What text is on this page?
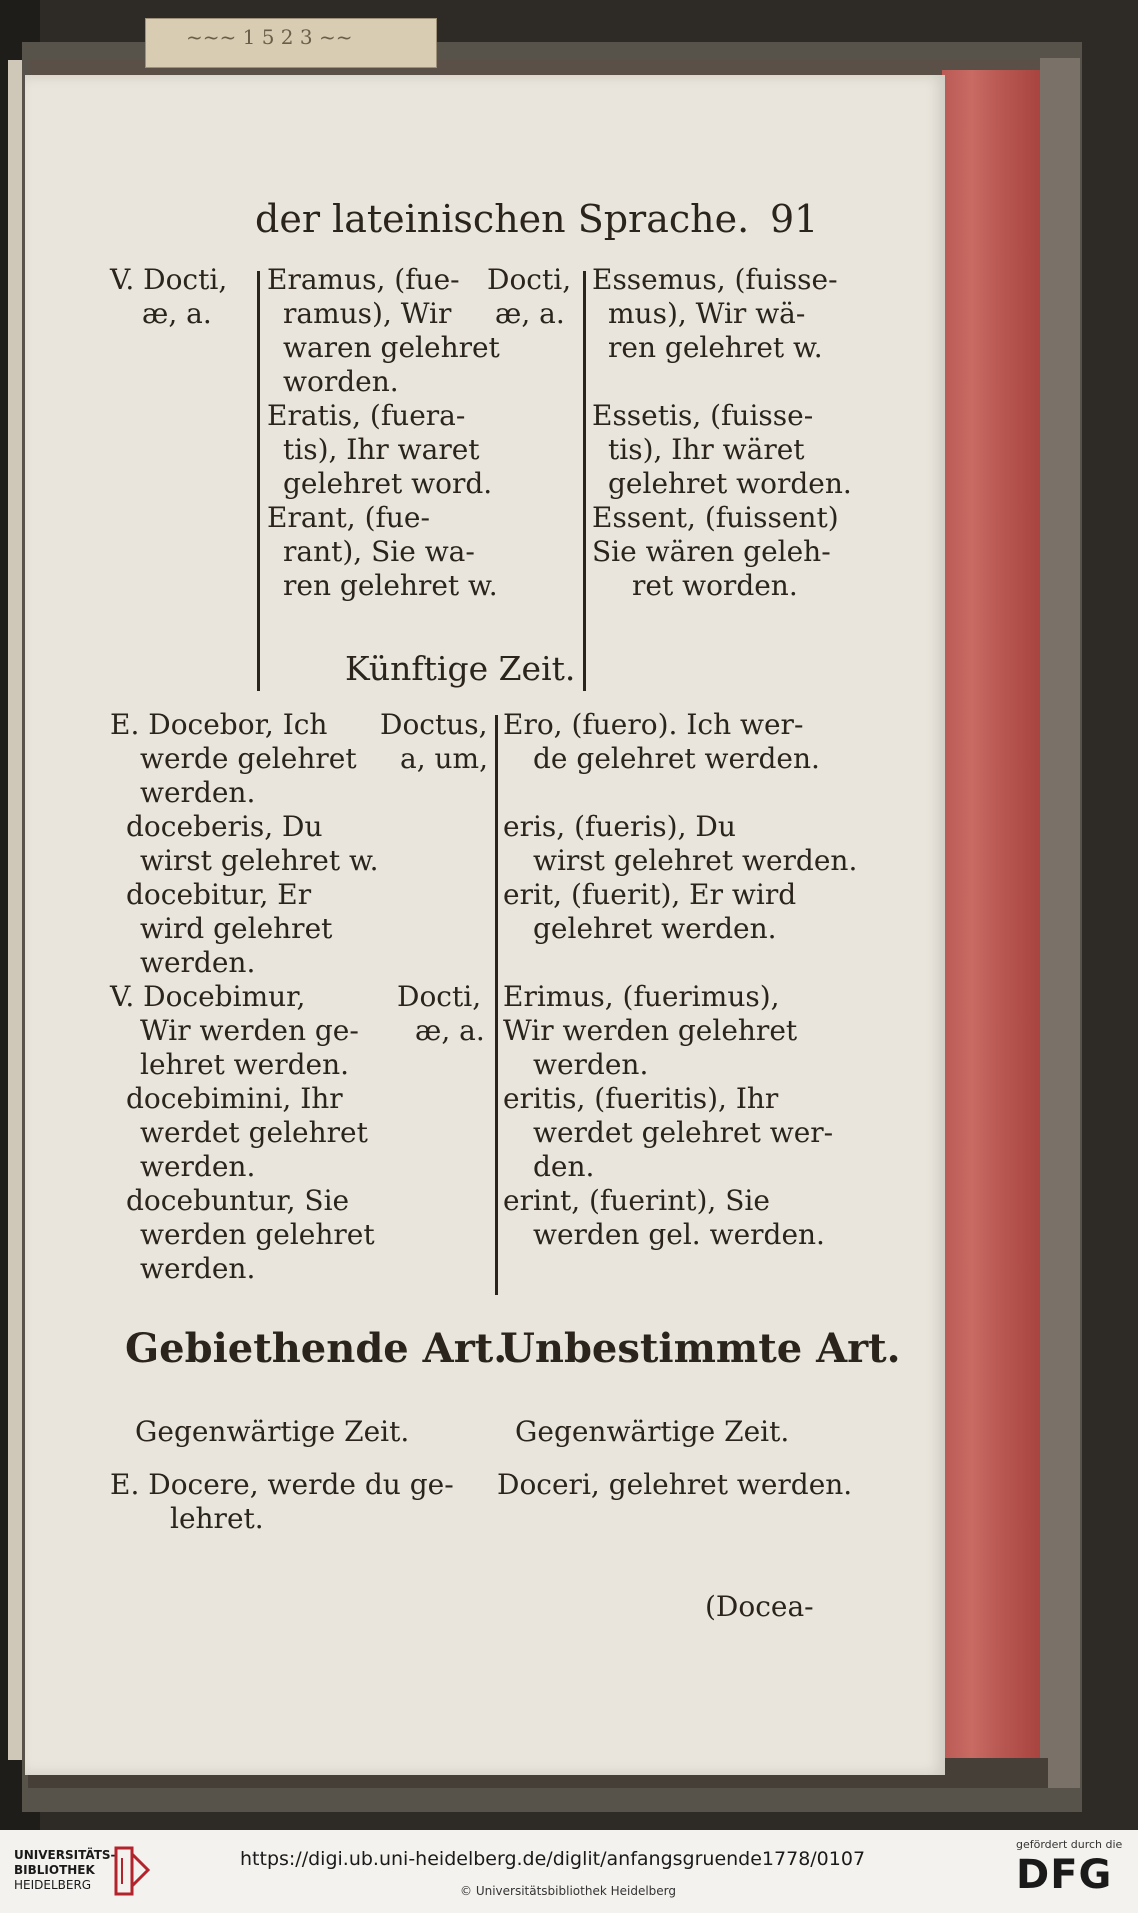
~~~ 1 5 2 3 ~~
der lateinischen Sprache. 91
V. Docti,
æ, a.
Eramus, (fue-
ramus), Wir
waren gelehret
worden.
Eratis, (fuera-
tis), Ihr waret
gelehret word.
Erant, (fue-
rant), Sie wa-
ren gelehret w.
Docti,
æ, a.
Essemus, (fuisse-
mus), Wir wä-
ren gelehret w.
Essetis, (fuisse-
tis), Ihr wäret
gelehret worden.
Essent, (fuissent)
Sie wären geleh-
ret worden.
Künftige Zeit.
E. Docebor, Ich
werde gelehret
werden.
doceberis, Du
wirst gelehret w.
docebitur, Er
wird gelehret
werden.
V. Docebimur,
Wir werden ge-
lehret werden.
docebimini, Ihr
werdet gelehret
werden.
docebuntur, Sie
werden gelehret
werden.
Doctus,
a, um,
Docti,
æ, a.
Ero, (fuero). Ich wer-
de gelehret werden.
eris, (fueris), Du
wirst gelehret werden.
erit, (fuerit), Er wird
gelehret werden.
Erimus, (fuerimus),
Wir werden gelehret
werden.
eritis, (fueritis), Ihr
werdet gelehret wer-
den.
erint, (fuerint), Sie
werden gel. werden.
Gebiethende Art.
Unbestimmte Art.
Gegenwärtige Zeit.	Gegenwärtige Zeit.
E. Docere, werde du ge-
lehret.
Doceri, gelehret werden.
(Docea-
UNIVERSITÄTS-
BIBLIOTHEK
HEIDELBERG
https://digi.ub.uni-heidelberg.de/diglit/anfangsgruende1778/0107
© Universitätsbibliothek Heidelberg
gefördert durch die
DFG
